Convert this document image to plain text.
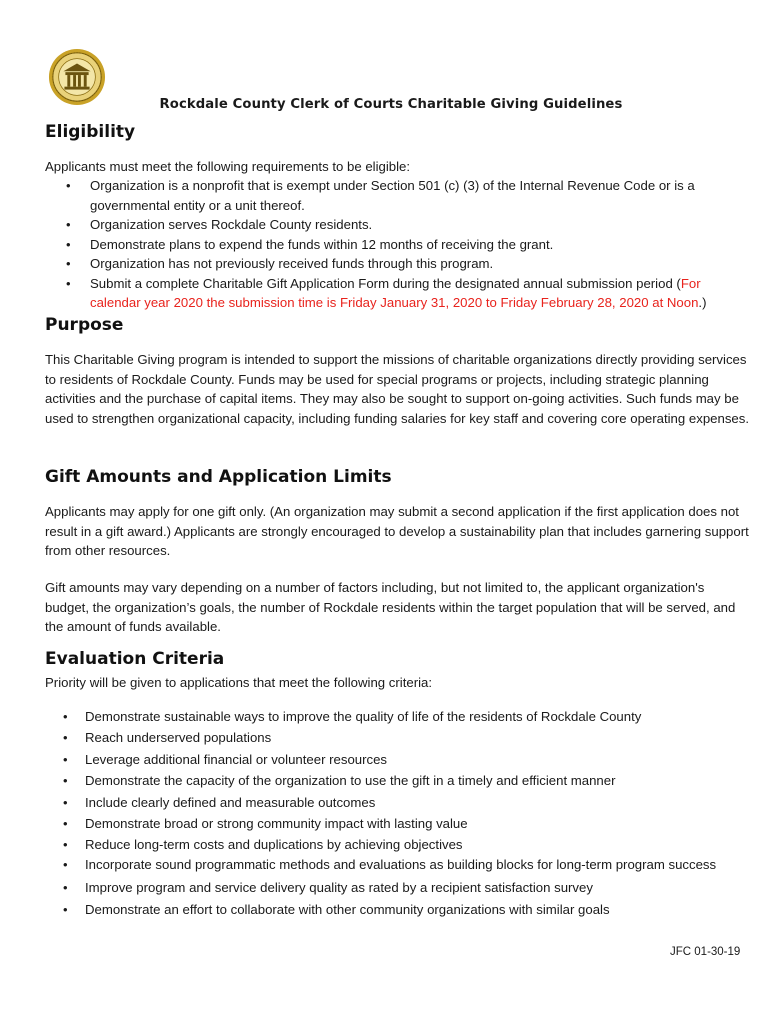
Rockdale County Clerk of Courts Charitable Giving Guidelines
Eligibility

Applicants must meet the following requirements to be eligible:

• Organization is a nonprofit that is exempt under Section 501 (c) (3) of the Internal Revenue Code or is a governmental entity or a unit thereof.
• Organization serves Rockdale County residents.
• Demonstrate plans to expend the funds within 12 months of receiving the grant.
• Organization has not previously received funds through this program.
• Submit a complete Charitable Gift Application Form during the designated annual submission period (For calendar year 2020 the submission time is Friday January 31, 2020 to Friday February 28, 2020 at Noon.)
Purpose

This Charitable Giving program is intended to support the missions of charitable organizations directly providing services to residents of Rockdale County. Funds may be used for special programs or projects, including strategic planning activities and the purchase of capital items. They may also be sought to support on-going activities. Such funds may be used to strengthen organizational capacity, including funding salaries for key staff and covering core operating expenses.

Gift Amounts and Application Limits

Applicants may apply for one gift only. (An organization may submit a second application if the first application does not result in a gift award.) Applicants are strongly encouraged to develop a sustainability plan that includes garnering support from other resources.

Gift amounts may vary depending on a number of factors including, but not limited to, the applicant organization's budget, the organization’s goals, the number of Rockdale residents within the target population that will be served, and the amount of funds available.

Evaluation Criteria

Priority will be given to applications that meet the following criteria:

• Demonstrate sustainable ways to improve the quality of life of the residents of Rockdale County
• Reach underserved populations
• Leverage additional financial or volunteer resources
• Demonstrate the capacity of the organization to use the gift in a timely and efficient manner
• Include clearly defined and measurable outcomes
• Demonstrate broad or strong community impact with lasting value
• Reduce long-term costs and duplications by achieving objectives
• Incorporate sound programmatic methods and evaluations as building blocks for long-term program success
• Improve program and service delivery quality as rated by a recipient satisfaction survey
• Demonstrate an effort to collaborate with other community organizations with similar goals
JFC 01-30-19
